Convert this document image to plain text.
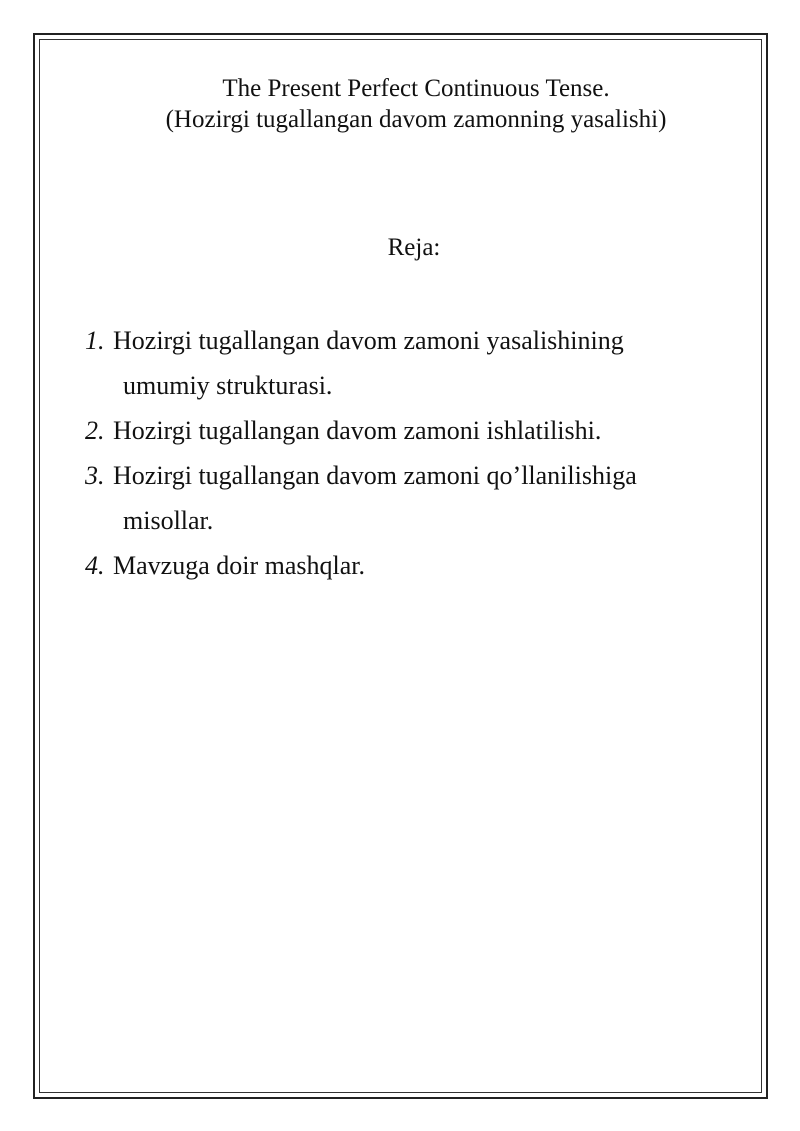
The Present Perfect Continuous Tense.
(Hozirgi tugallangan davom zamonning yasalishi)
Reja:
1. Hozirgi tugallangan davom zamoni yasalishining
umumiy strukturasi.
2. Hozirgi tugallangan davom zamoni ishlatilishi.
3. Hozirgi tugallangan davom zamoni qo’llanilishiga
misollar.
4. Mavzuga doir mashqlar.
